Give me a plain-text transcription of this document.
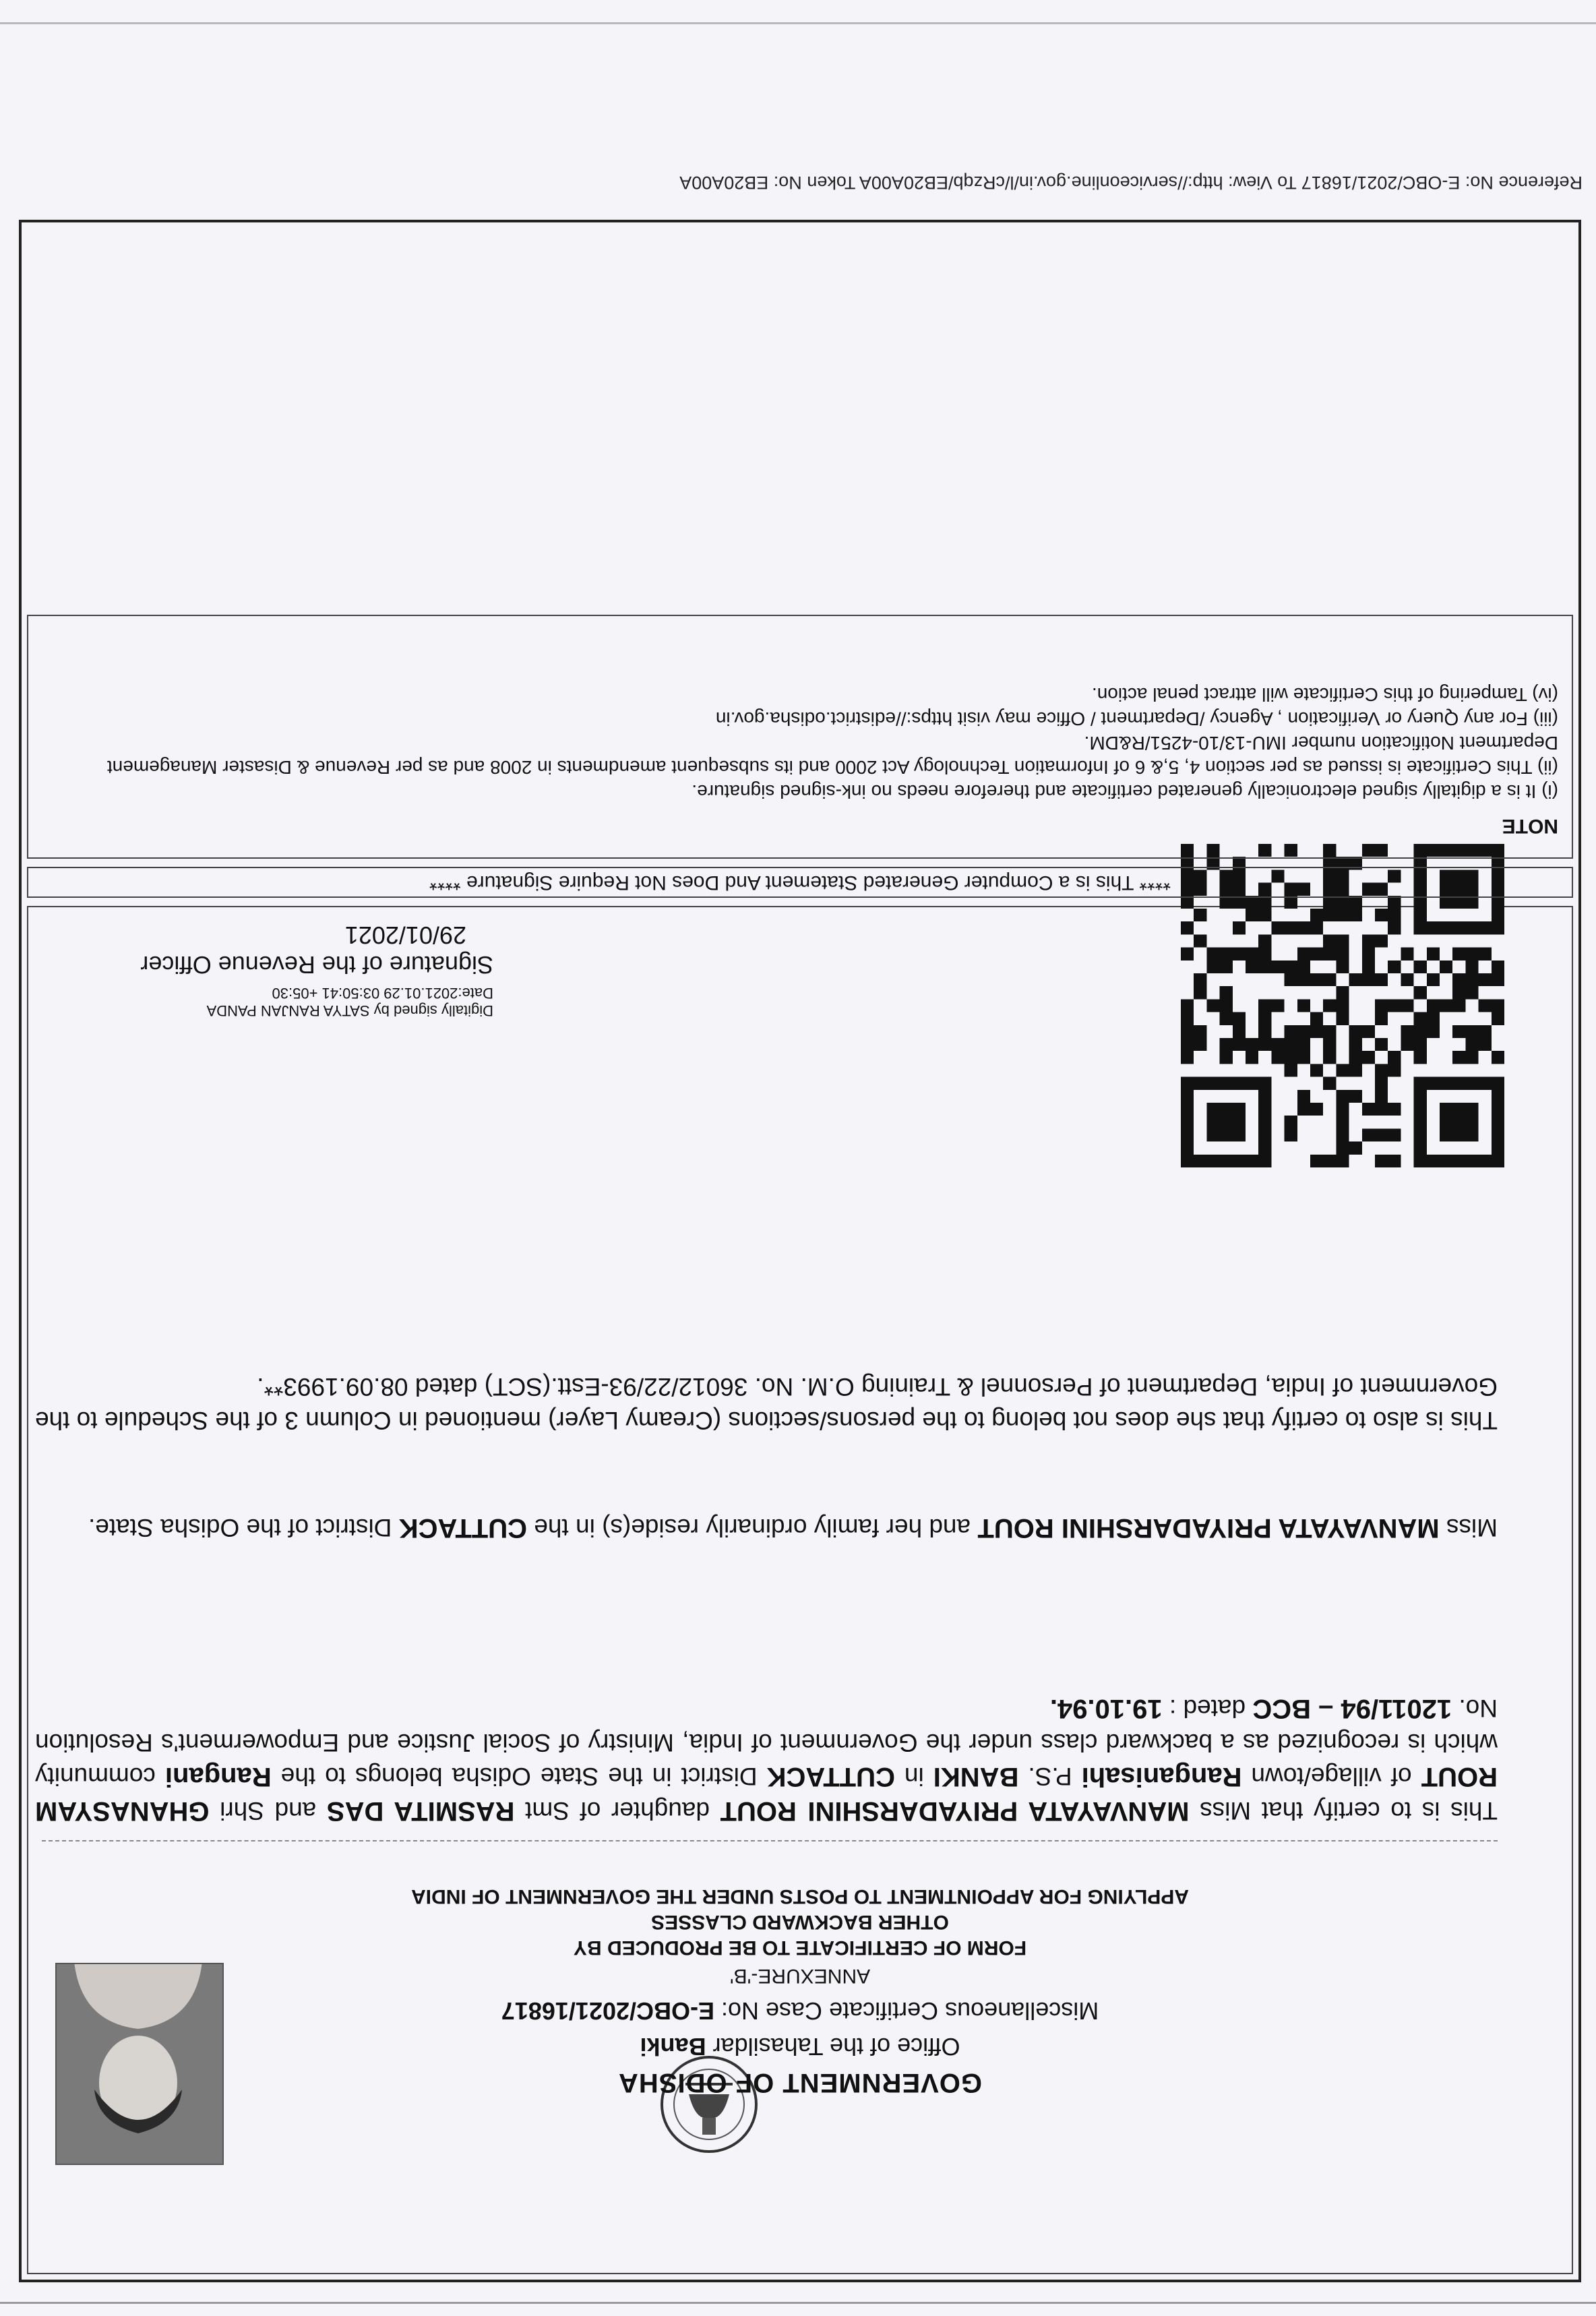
GOVERNMENT OF ODISHA
Office of the Tahasildar Banki
Miscellaneous Certificate Case No: E-OBC/2021/16817
ANNEXURE-'B'
FORM OF CERTIFICATE TO BE PRODUCED BY
OTHER BACKWARD CLASSES
APPLYING FOR APPOINTMENT TO POSTS UNDER THE GOVERNMENT OF INDIA
This is to certify that Miss MANVAYATA PRIYADARSHINI ROUT daughter of Smt RASMITA DAS and Shri GHANASYAM ROUT of village/town Ranganisahi P.S. BANKI in CUTTACK District in the State Odisha belongs to the Rangani community which is recognized as a backward class under the Government of India, Ministry of Social Justice and Empowerment's Resolution No. 12011/94 – BCC dated : 19.10.94.
Miss MANVAYATA PRIYADARSHINI ROUT and her family ordinarily reside(s) in the CUTTACK District of the Odisha State.
This is also to certify that she does not belong to the persons/sections (Creamy Layer) mentioned in Column 3 of the Schedule to the Government of India, Department of Personnel & Training O.M. No. 36012/22/93-Estt.(SCT) dated 08.09.1993**.
Digitally signed by SATYA RANJAN PANDA
Date:2021.01.29 03:50:41 +05:30
Signature of the Revenue Officer
29/01/2021
**** This is a Computer Generated Statement And Does Not Require Signature ****
NOTE

(i) It is a digitally signed electronically generated certificate and therefore needs no ink-signed signature.

(ii) This Certificate is issued as per section 4, 5,& 6 of Information Technology Act 2000 and its subsequent amendments in 2008 and as per Revenue & Disaster Management Department Notification number IMU-13/10-4251/R&DM.

(iii) For any Query or Verification , Agency /Department / Office may visit https://edistrict.odisha.gov.in

(iv) Tampering of this Certificate will attract penal action.

Reference No: E-OBC/2021/16817 To View: http://serviceonline.gov.in/l/cRzqb/EB20A00A Token No: EB20A00A
